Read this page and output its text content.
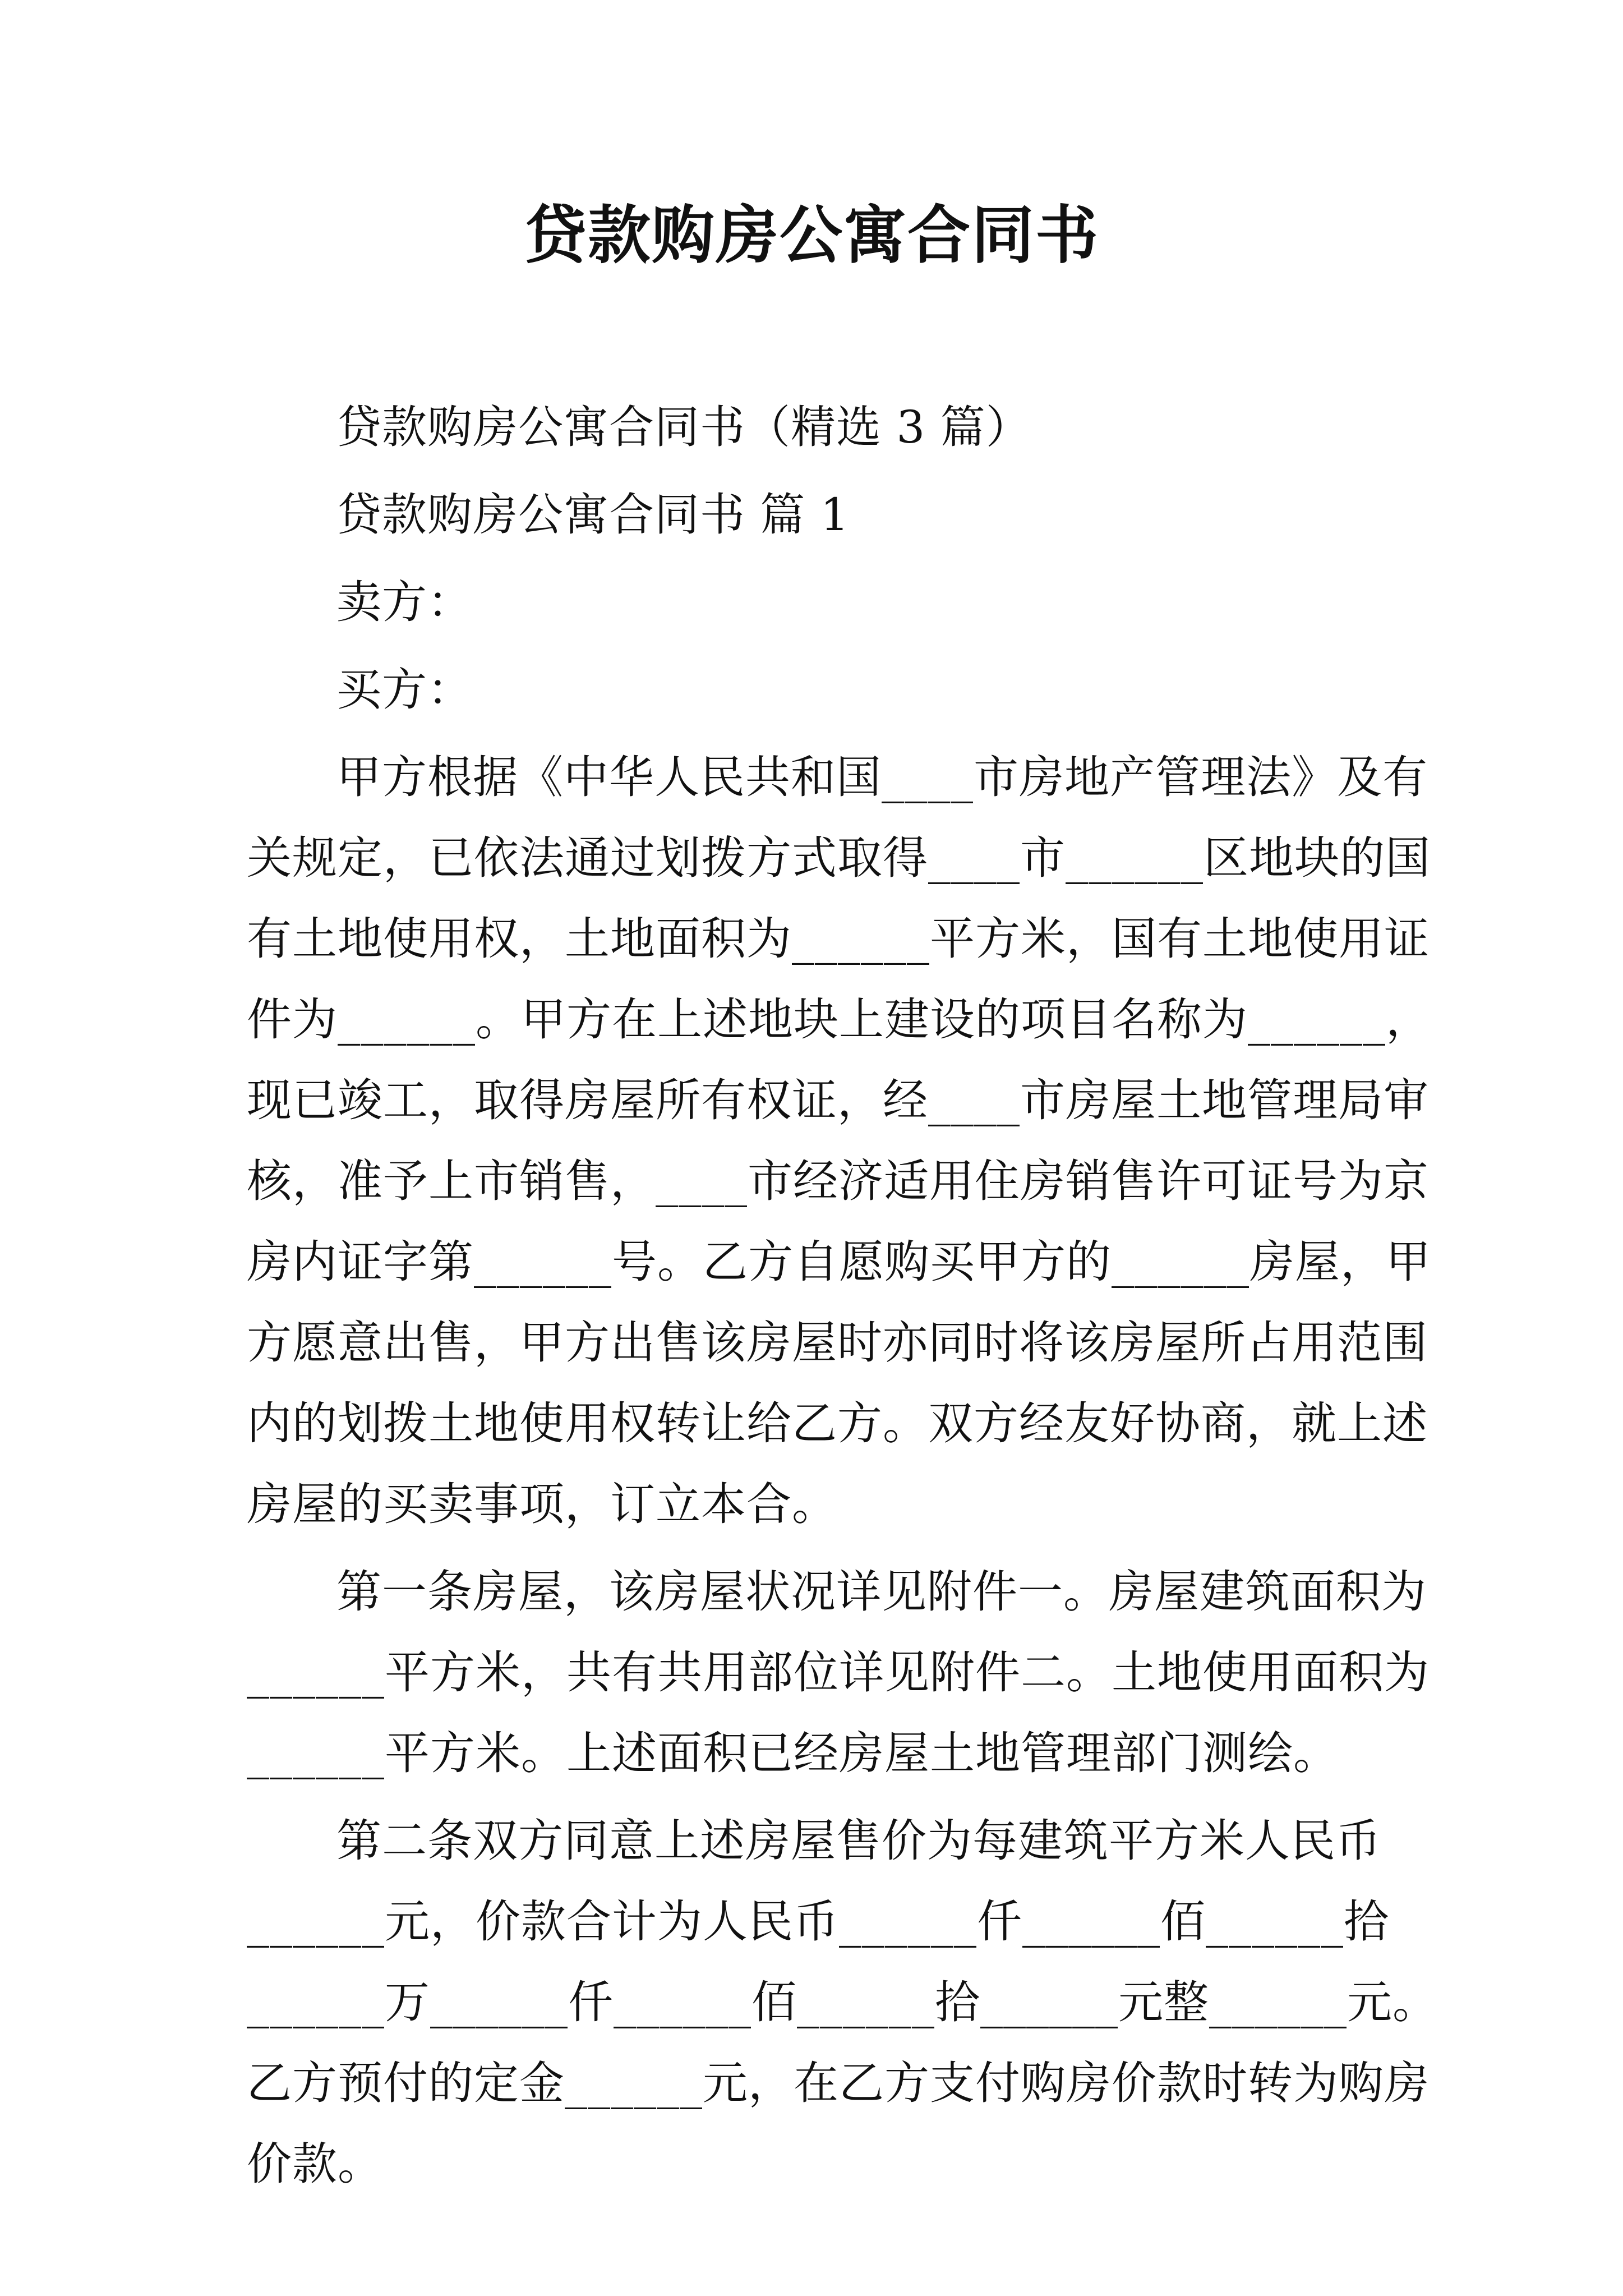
贷款购房公寓合同书

贷款购房公寓合同书（精选 3 篇）

贷款购房公寓合同书 篇 1

卖方：

买方：

甲方根据《中华人民共和国____市房地产管理法》及有
关规定，已依法通过划拨方式取得____市______区地块的国
有土地使用权，土地面积为______平方米，国有土地使用证
件为______。甲方在上述地块上建设的项目名称为______，
现已竣工，取得房屋所有权证，经____市房屋土地管理局审
核，准予上市销售，____市经济适用住房销售许可证号为京
房内证字第______号。乙方自愿购买甲方的______房屋，甲
方愿意出售，甲方出售该房屋时亦同时将该房屋所占用范围
内的划拨土地使用权转让给乙方。双方经友好协商，就上述
房屋的买卖事项，订立本合。

第一条房屋，该房屋状况详见附件一。房屋建筑面积为
______平方米，共有共用部位详见附件二。土地使用面积为
______平方米。上述面积已经房屋土地管理部门测绘。

第二条双方同意上述房屋售价为每建筑平方米人民币
______元，价款合计为人民币______仟______佰______拾
______万______仟______佰______拾______元整______元。
乙方预付的定金______元，在乙方支付购房价款时转为购房
价款。
